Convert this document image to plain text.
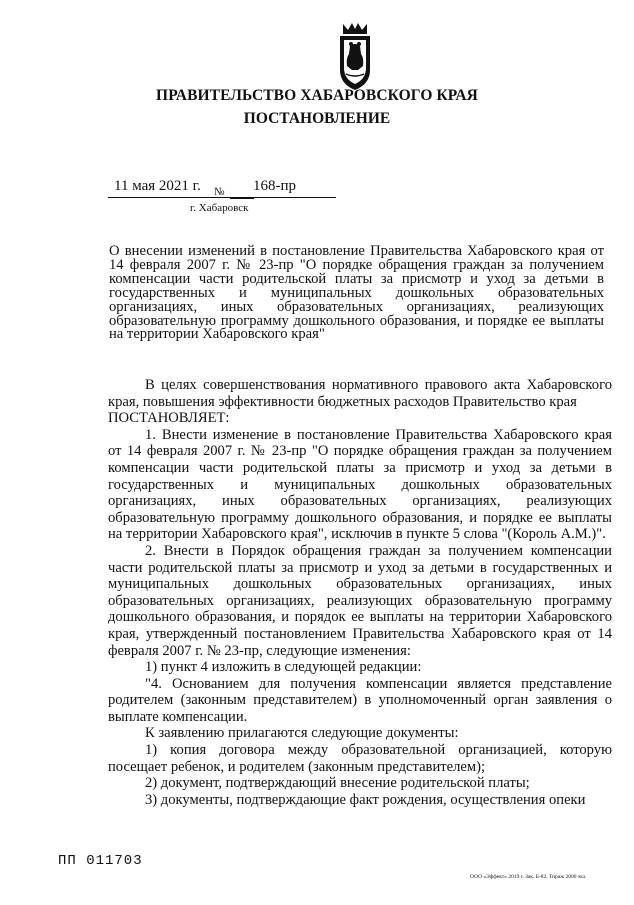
ПРАВИТЕЛЬСТВО ХАБАРОВСКОГО КРАЯ
ПОСТАНОВЛЕНИЕ
11 мая 2021 г. № 168-пр
г. Хабаровск
О внесении изменений в постановление Правительства Хабаровского края от 14 февраля 2007 г. № 23-пр "О порядке обращения граждан за получением компенсации части родительской платы за присмотр и уход за детьми в государственных и муниципальных дошкольных образовательных организациях, иных образовательных организациях, реализующих образовательную программу дошкольного образования, и порядке ее выплаты на территории Хабаровского края"

В целях совершенствования нормативного правового акта Хабаровского края, повышения эффективности бюджетных расходов Правительство края

ПОСТАНОВЛЯЕТ:

1. Внести изменение в постановление Правительства Хабаровского края от 14 февраля 2007 г. № 23-пр "О порядке обращения граждан за получением компенсации части родительской платы за присмотр и уход за детьми в государственных и муниципальных дошкольных образовательных организациях, иных образовательных организациях, реализующих образовательную программу дошкольного образования, и порядке ее выплаты на территории Хабаровского края", исключив в пункте 5 слова "(Король А.М.)".

2. Внести в Порядок обращения граждан за получением компенсации части родительской платы за присмотр и уход за детьми в государственных и муниципальных дошкольных образовательных организациях, иных образовательных организациях, реализующих образовательную программу дошкольного образования, и порядок ее выплаты на территории Хабаровского края, утвержденный постановлением Правительства Хабаровского края от 14 февраля 2007 г. № 23-пр, следующие изменения:

1) пункт 4 изложить в следующей редакции:

"4. Основанием для получения компенсации является представление родителем (законным представителем) в уполномоченный орган заявления о выплате компенсации.

К заявлению прилагаются следующие документы:

1) копия договора между образовательной организацией, которую посещает ребенок, и родителем (законным представителем);

2) документ, подтверждающий внесение родительской платы;

3) документы, подтверждающие факт рождения, осуществления опеки

ПП 011703
ООО «Эффект» 2019 г. Зак. Б-82. Тираж 2000 экз.
